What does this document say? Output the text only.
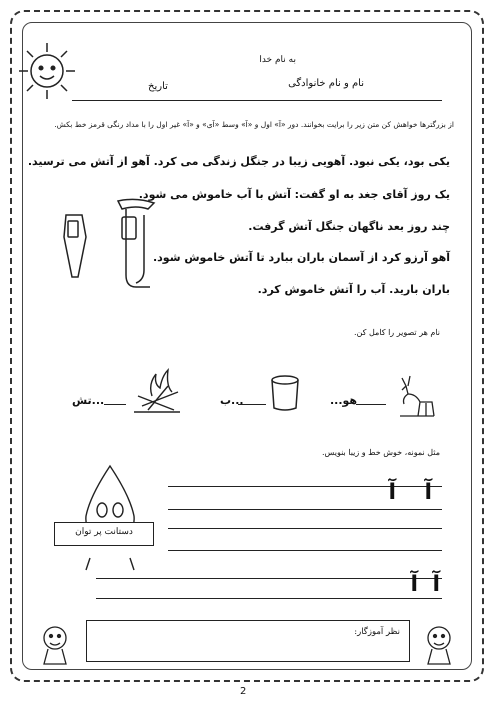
به نام خدا
نام و نام خانوادگی
تاریخ
از بزرگترها خواهش کن متن زیر را برایت بخوانند. دور «آ» اول و «آ» وسط «آی» و «آ» غیر اول را با مداد رنگی قرمز خط بکش.
یکی بود، یکی نبود. آهویی زیبا در جنگل زندگی می کرد. آهو از آتش می ترسید.
یک روز آقای جغد به او گفت: آتش با آب خاموش می شود.
چند روز بعد ناگهان جنگل آتش گرفت.
آهو آرزو کرد از آسمان باران ببارد تا آتش خاموش شود.
باران بارید. آب را آتش خاموش کرد.
نام هر تصویر را کامل کن.
هو...
...ب
...تش
مثل نمونه، خوش خط و زیبا بنویس.
دستانت پر توان
آ
آ
آ
آ
نظر آموزگار:
2
